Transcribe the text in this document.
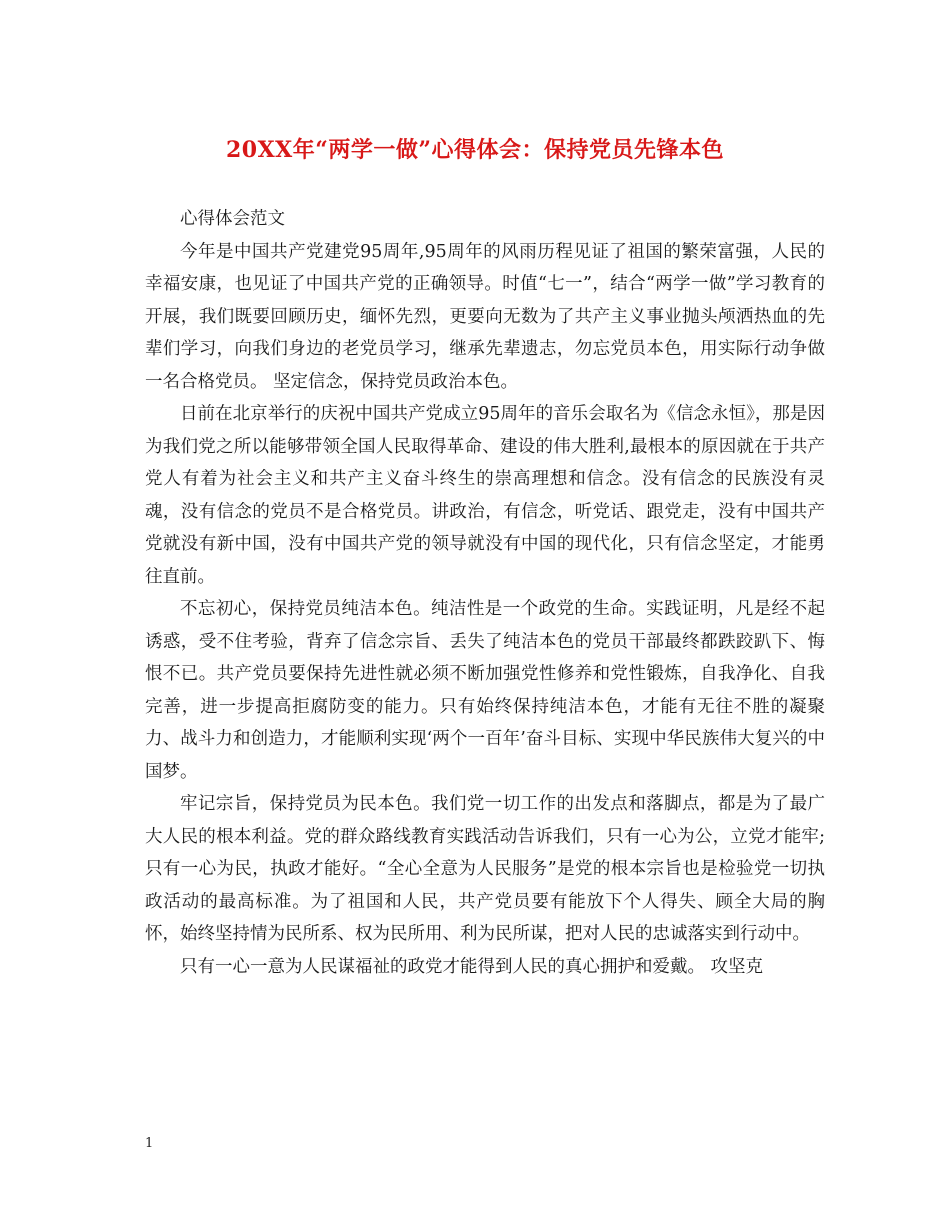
20XX年“两学一做”心得体会：保持党员先锋本色

心得体会范文

今年是中国共产党建党95周年,95周年的风雨历程见证了祖国的繁荣富强，人民的幸福安康，也见证了中国共产党的正确领导。时值“七一”，结合“两学一做”学习教育的开展，我们既要回顾历史，缅怀先烈，更要向无数为了共产主义事业抛头颅洒热血的先辈们学习，向我们身边的老党员学习，继承先辈遗志，勿忘党员本色，用实际行动争做一名合格党员。 坚定信念，保持党员政治本色。

日前在北京举行的庆祝中国共产党成立95周年的音乐会取名为《信念永恒》，那是因为我们党之所以能够带领全国人民取得革命、建设的伟大胜利,最根本的原因就在于共产党人有着为社会主义和共产主义奋斗终生的崇高理想和信念。没有信念的民族没有灵魂，没有信念的党员不是合格党员。讲政治，有信念，听党话、跟党走，没有中国共产党就没有新中国，没有中国共产党的领导就没有中国的现代化，只有信念坚定，才能勇往直前。

不忘初心，保持党员纯洁本色。纯洁性是一个政党的生命。实践证明，凡是经不起诱惑，受不住考验，背弃了信念宗旨、丢失了纯洁本色的党员干部最终都跌跤趴下、悔恨不已。共产党员要保持先进性就必须不断加强党性修养和党性锻炼，自我净化、自我完善，进一步提高拒腐防变的能力。只有始终保持纯洁本色，才能有无往不胜的凝聚力、战斗力和创造力，才能顺利实现‘两个一百年’奋斗目标、实现中华民族伟大复兴的中国梦。

牢记宗旨，保持党员为民本色。我们党一切工作的出发点和落脚点，都是为了最广大人民的根本利益。党的群众路线教育实践活动告诉我们，只有一心为公，立党才能牢;只有一心为民，执政才能好。“全心全意为人民服务”是党的根本宗旨也是检验党一切执政活动的最高标准。为了祖国和人民，共产党员要有能放下个人得失、顾全大局的胸怀，始终坚持情为民所系、权为民所用、利为民所谋，把对人民的忠诚落实到行动中。

只有一心一意为人民谋福祉的政党才能得到人民的真心拥护和爱戴。 攻坚克

1
